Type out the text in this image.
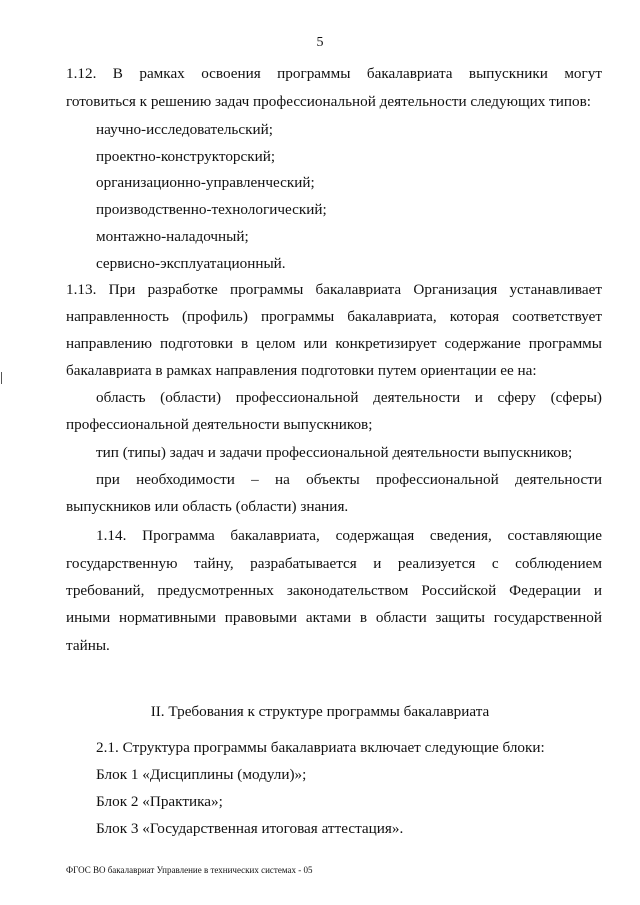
5
1.12. В рамках освоения программы бакалавриата выпускники могут
готовиться к решению задач профессиональной деятельности следующих типов:
научно-исследовательский;
проектно-конструкторский;
организационно-управленческий;
производственно-технологический;
монтажно-наладочный;
сервисно-эксплуатационный.
1.13. При разработке программы бакалавриата Организация устанавливает
направленность (профиль) программы бакалавриата, которая соответствует
направлению подготовки в целом или конкретизирует содержание программы
бакалавриата в рамках направления подготовки путем ориентации ее на:
область (области) профессиональной деятельности и сферу (сферы)
профессиональной деятельности выпускников;
тип (типы) задач и задачи профессиональной деятельности выпускников;
при необходимости – на объекты профессиональной деятельности
выпускников или область (области) знания.
1.14. Программа бакалавриата, содержащая сведения, составляющие
государственную тайну, разрабатывается и реализуется с соблюдением
требований, предусмотренных законодательством Российской Федерации и
иными нормативными правовыми актами в области защиты государственной
тайны.
II. Требования к структуре программы бакалавриата
2.1. Структура программы бакалавриата включает следующие блоки:
Блок 1 «Дисциплины (модули)»;
Блок 2 «Практика»;
Блок 3 «Государственная итоговая аттестация».
ФГОС ВО бакалавриат Управление в технических системах - 05
